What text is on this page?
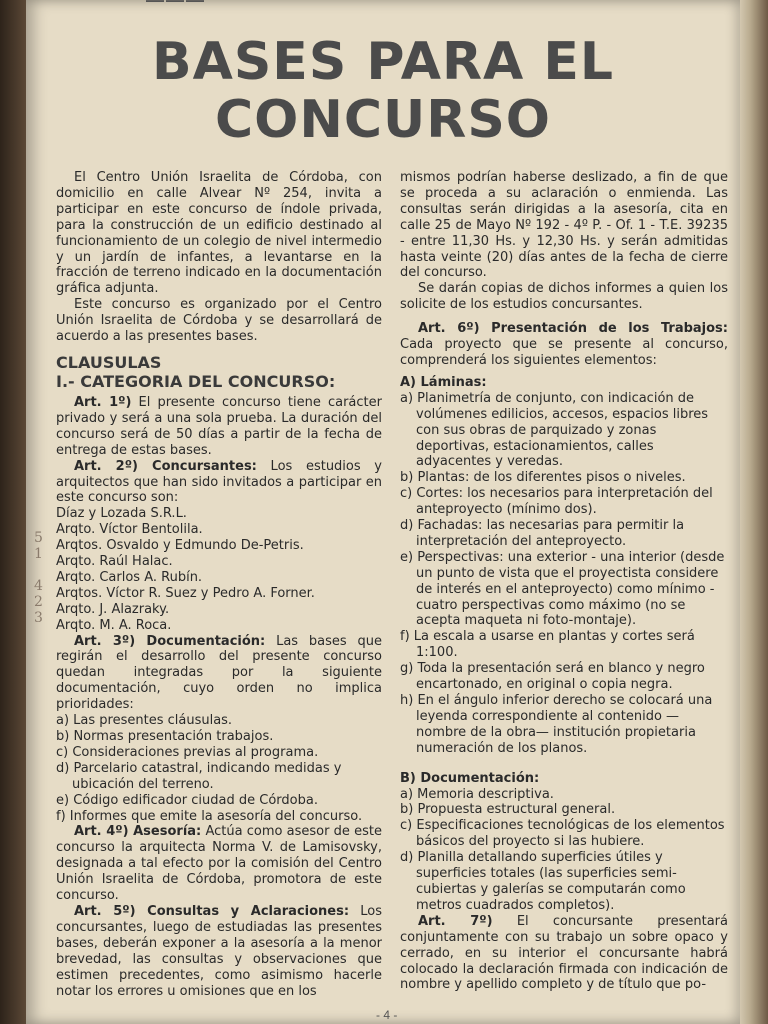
———
BASES PARA EL
CONCURSO

El Centro Unión Israelita de Córdoba, con domicilio en calle Alvear Nº 254, invita a participar en este concurso de índole privada, para la construcción de un edificio destinado al funcionamiento de un colegio de nivel intermedio y un jardín de infantes, a levantarse en la fracción de terreno indicado en la documentación gráfica adjunta.

Este concurso es organizado por el Centro Unión Israelita de Córdoba y se desarrollará de acuerdo a las presentes bases.

CLAUSULAS
I.- CATEGORIA DEL CONCURSO:

Art. 1º) El presente concurso tiene carácter privado y será a una sola prueba. La duración del concurso será de 50 días a partir de la fecha de entrega de estas bases.

Art. 2º) Concursantes: Los estudios y arquitectos que han sido invitados a participar en este concurso son:

Díaz y Lozada S.R.L.
Arqto. Víctor Bentolila.
Arqtos. Osvaldo y Edmundo De-Petris.
Arqto. Raúl Halac.
Arqto. Carlos A. Rubín.
Arqtos. Víctor R. Suez y Pedro A. Forner.
Arqto. J. Alazraky.
Arqto. M. A. Roca.

Art. 3º) Documentación: Las bases que regirán el desarrollo del presente concurso quedan integradas por la siguiente documentación, cuyo orden no implica prioridades:

a) Las presentes cláusulas.
b) Normas presentación trabajos.
c) Consideraciones previas al programa.
d) Parcelario catastral, indicando medidas y ubicación del terreno.
e) Código edificador ciudad de Córdoba.
f) Informes que emite la asesoría del concurso.

Art. 4º) Asesoría: Actúa como asesor de este concurso la arquitecta Norma V. de Lamisovsky, designada a tal efecto por la comisión del Centro Unión Israelita de Córdoba, promotora de este concurso.

Art. 5º) Consultas y Aclaraciones: Los concursantes, luego de estudiadas las presentes bases, deberán exponer a la asesoría a la menor brevedad, las consultas y observaciones que estimen precedentes, como asimismo hacerle notar los errores u omisiones que en los

mismos podrían haberse deslizado, a fin de que se proceda a su aclaración o enmienda. Las consultas serán dirigidas a la asesoría, cita en calle 25 de Mayo Nº 192 - 4º P. - Of. 1 - T.E. 39235 - entre 11,30 Hs. y 12,30 Hs. y serán admitidas hasta veinte (20) días antes de la fecha de cierre del concurso.

Se darán copias de dichos informes a quien los solicite de los estudios concursantes.

Art. 6º) Presentación de los Trabajos: Cada proyecto que se presente al concurso, comprenderá los siguientes elementos:

A) Láminas:
a) Planimetría de conjunto, con indicación de volúmenes edilicios, accesos, espacios libres con sus obras de parquizado y zonas deportivas, estacionamientos, calles adyacentes y veredas.
b) Plantas: de los diferentes pisos o niveles.
c) Cortes: los necesarios para interpretación del anteproyecto (mínimo dos).
d) Fachadas: las necesarias para permitir la interpretación del anteproyecto.
e) Perspectivas: una exterior - una interior (desde un punto de vista que el proyectista considere de interés en el anteproyecto) como mínimo - cuatro perspectivas como máximo (no se acepta maqueta ni foto-montaje).
f) La escala a usarse en plantas y cortes será 1:100.
g) Toda la presentación será en blanco y negro encartonado, en original o copia negra.
h) En el ángulo inferior derecho se colocará una leyenda correspondiente al contenido —nombre de la obra— institución propietaria numeración de los planos.
B) Documentación:
a) Memoria descriptiva.
b) Propuesta estructural general.
c) Especificaciones tecnológicas de los elementos básicos del proyecto si las hubiere.
d) Planilla detallando superficies útiles y superficies totales (las superficies semi-cubiertas y galerías se computarán como metros cuadrados completos).

Art. 7º) El concursante presentará conjuntamente con su trabajo un sobre opaco y cerrado, en su interior el concursante habrá colocado la declaración firmada con indicación de nombre y apellido completo y de título que po-

5
1
4
2
3
- 4 -
